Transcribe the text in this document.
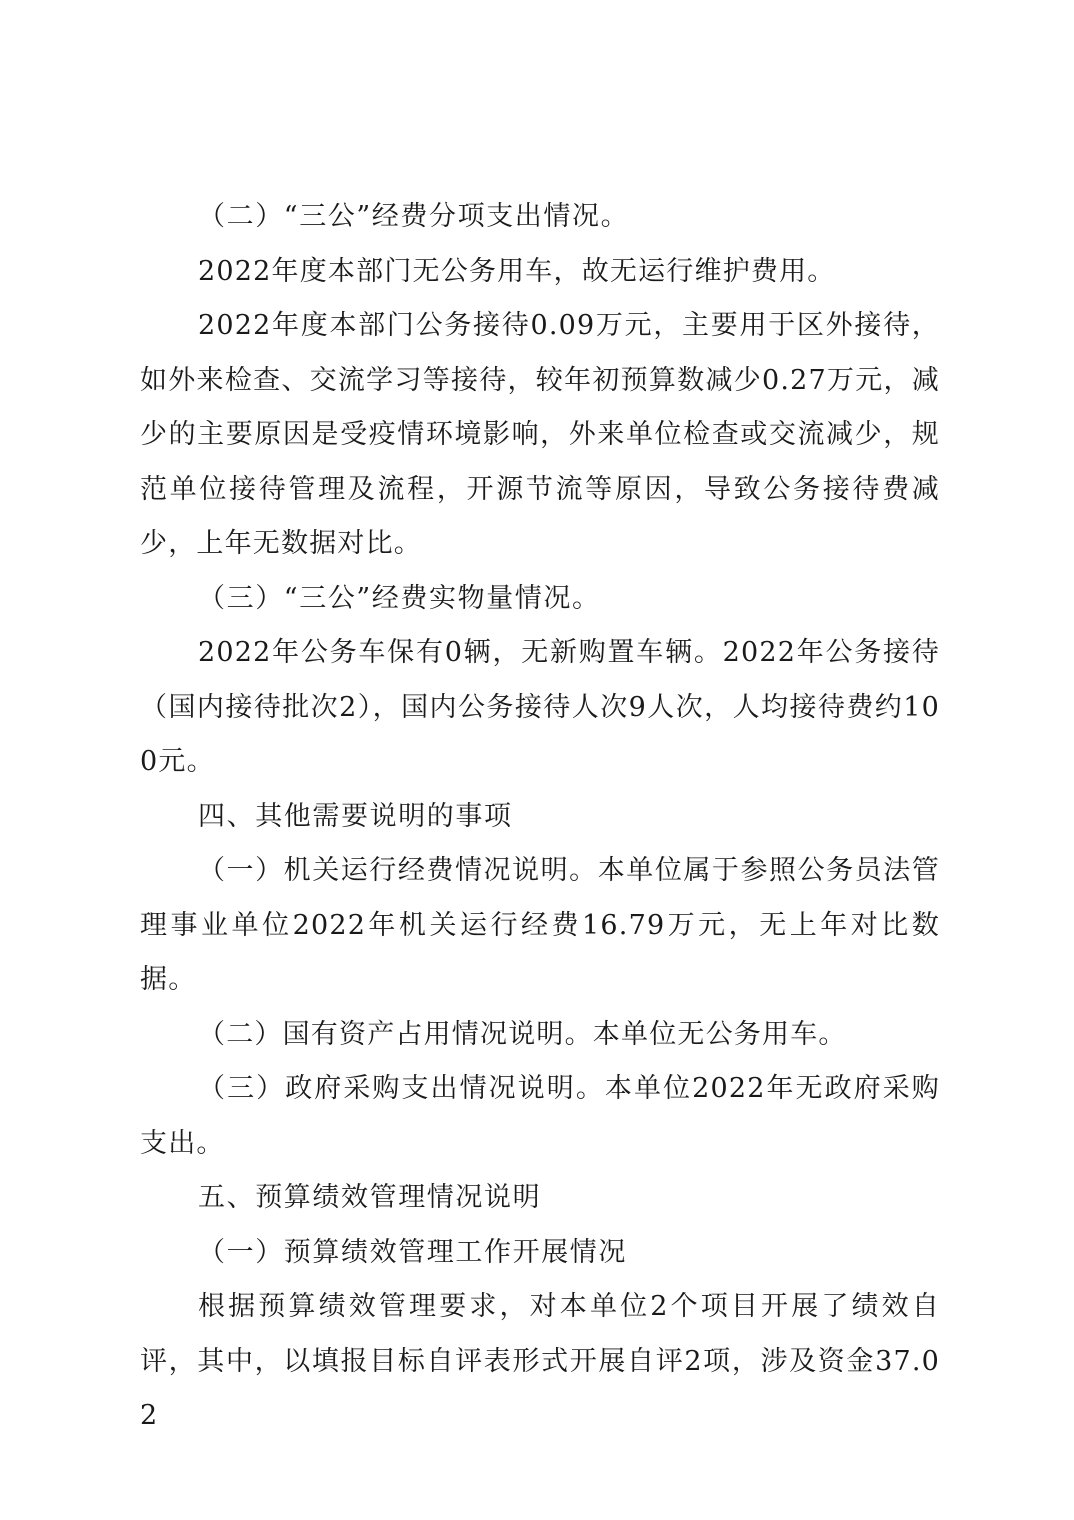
（二）“三公”经费分项支出情况。

2022年度本部门无公务用车，故无运行维护费用。

2022年度本部门公务接待0.09万元，主要用于区外接待，如外来检查、交流学习等接待，较年初预算数减少0.27万元，减少的主要原因是受疫情环境影响，外来单位检查或交流减少，规范单位接待管理及流程，开源节流等原因，导致公务接待费减少，上年无数据对比。

（三）“三公”经费实物量情况。

2022年公务车保有0辆，无新购置车辆。2022年公务接待（国内接待批次2），国内公务接待人次9人次，人均接待费约100元。

四、其他需要说明的事项

（一）机关运行经费情况说明。本单位属于参照公务员法管理事业单位2022年机关运行经费16.79万元，无上年对比数据。

（二）国有资产占用情况说明。本单位无公务用车。

（三）政府采购支出情况说明。本单位2022年无政府采购支出。

五、预算绩效管理情况说明

（一）预算绩效管理工作开展情况

根据预算绩效管理要求，对本单位2个项目开展了绩效自评，其中，以填报目标自评表形式开展自评2项，涉及资金37.02
